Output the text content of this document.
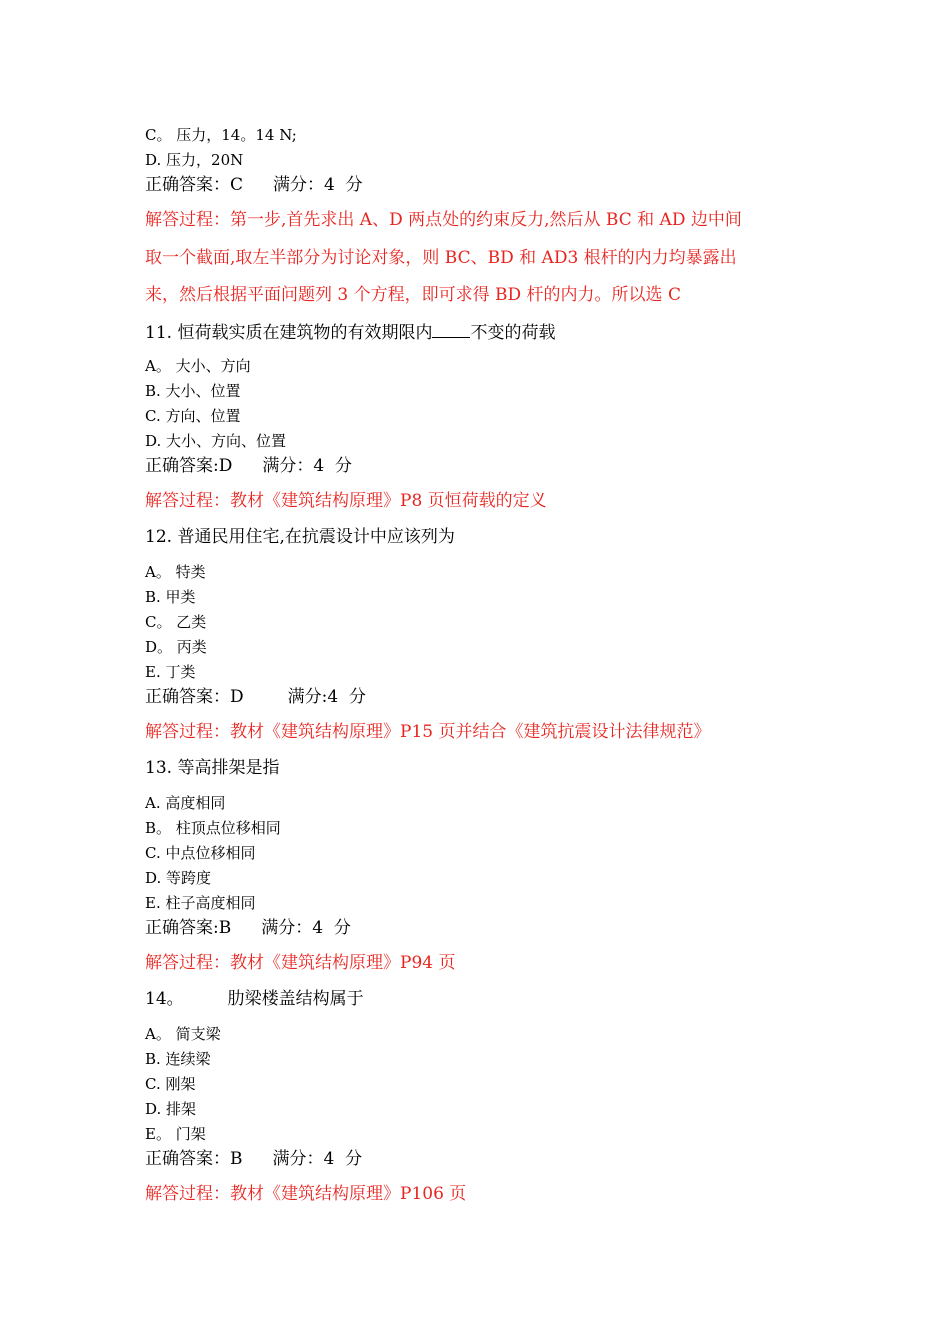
C。 压力，14。14 N;
D. 压力，20N
正确答案：C 满分：4  分
解答过程：第一步,首先求出 A、D 两点处的约束反力,然后从 BC 和 AD 边中间
取一个截面,取左半部分为讨论对象，则 BC、BD 和 AD3 根杆的内力均暴露出
来，然后根据平面问题列 3 个方程，即可求得 BD 杆的内力。所以选 C
11. 恒荷载实质在建筑物的有效期限内 不变的荷载
A。 大小、方向
B. 大小、位置
C. 方向、位置
D. 大小、方向、位置
正确答案:D 满分：4  分
解答过程：教材《建筑结构原理》P8 页恒荷载的定义
12. 普通民用住宅,在抗震设计中应该列为
A。 特类
B. 甲类
C。 乙类
D。 丙类
E. 丁类
正确答案：D	满分:4  分
解答过程：教材《建筑结构原理》P15 页并结合《建筑抗震设计法律规范》
13. 等高排架是指
A. 高度相同
B。 柱顶点位移相同
C. 中点位移相同
D. 等跨度
E. 柱子高度相同
正确答案:B 满分：4  分
解答过程：教材《建筑结构原理》P94 页
14。	肋梁楼盖结构属于
A。 简支梁
B. 连续梁
C. 刚架
D. 排架
E。 门架
正确答案：B 满分：4  分
解答过程：教材《建筑结构原理》P106 页
